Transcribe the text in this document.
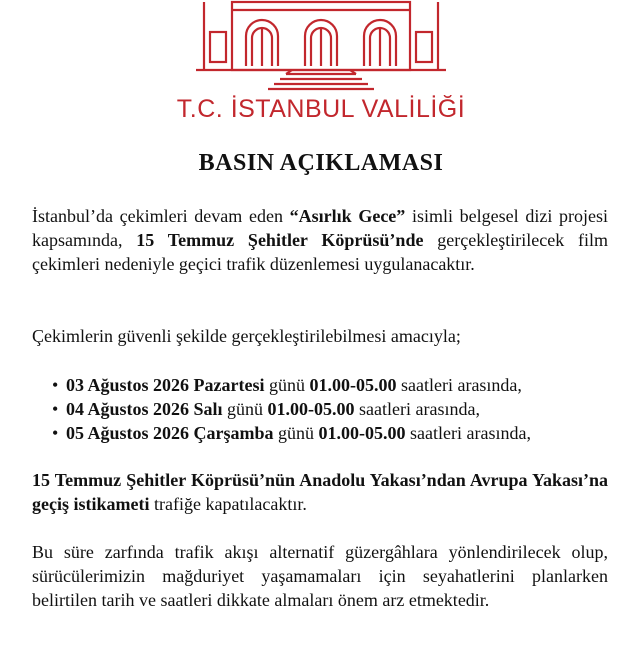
T.C. İSTANBUL VALİLİĞİ
BASIN AÇIKLAMASI
İstanbul’da çekimleri devam eden “Asırlık Gece” isimli belgesel dizi projesi kapsamında, 15 Temmuz Şehitler Köprüsü’nde gerçekleştirilecek film çekimleri nedeniyle geçici trafik düzenlemesi uygulanacaktır.
Çekimlerin güvenli şekilde gerçekleştirilebilmesi amacıyla;
• 03 Ağustos 2026 Pazartesi günü 01.00-05.00 saatleri arasında,
• 04 Ağustos 2026 Salı günü 01.00-05.00 saatleri arasında,
• 05 Ağustos 2026 Çarşamba günü 01.00-05.00 saatleri arasında,
15 Temmuz Şehitler Köprüsü’nün Anadolu Yakası’ndan Avrupa Yakası’na geçiş istikameti trafiğe kapatılacaktır.
Bu süre zarfında trafik akışı alternatif güzergâhlara yönlendirilecek olup, sürücülerimizin mağduriyet yaşamamaları için seyahatlerini planlarken belirtilen tarih ve saatleri dikkate almaları önem arz etmektedir.
